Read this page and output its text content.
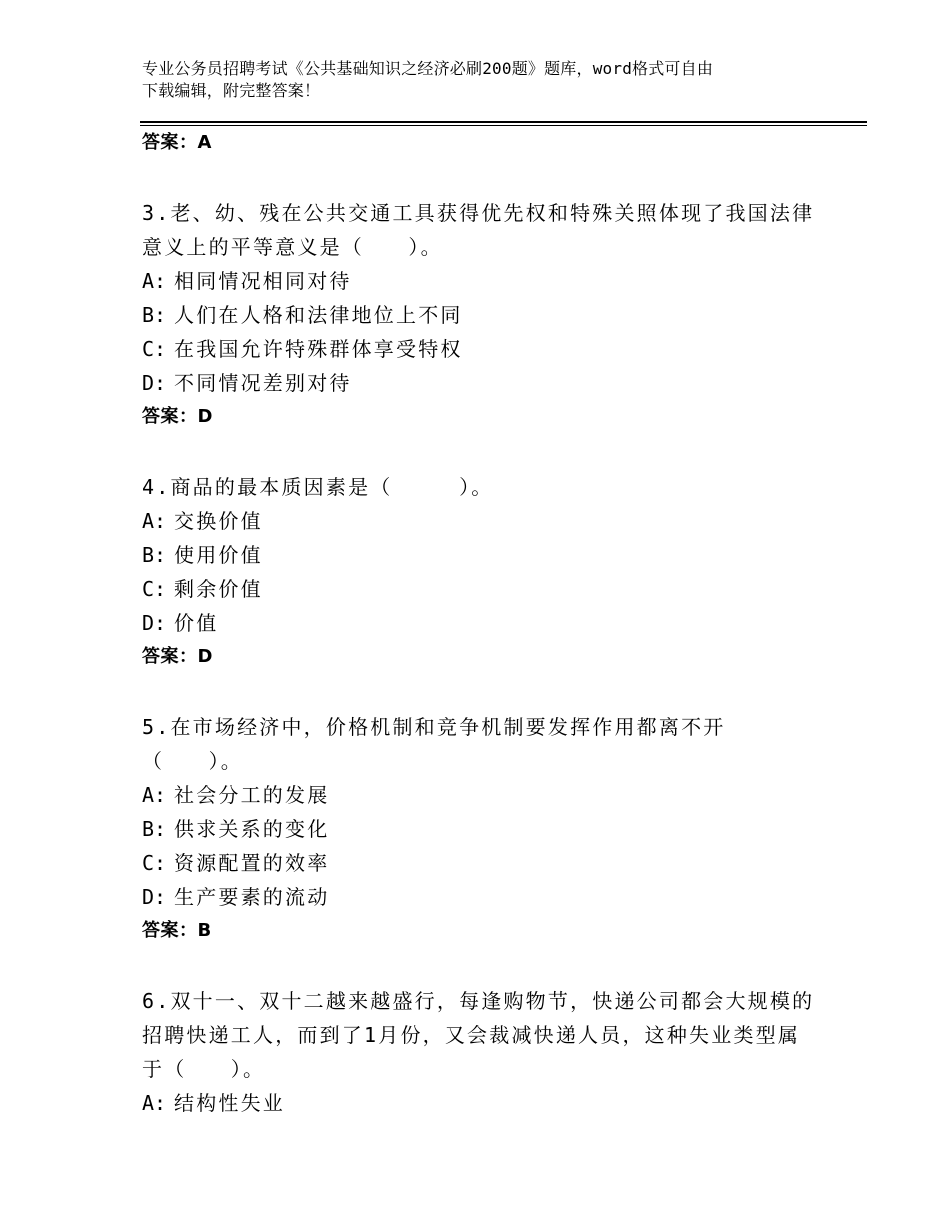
专业公务员招聘考试《公共基础知识之经济必刷200题》题库，word格式可自由
下载编辑，附完整答案！
答案：A
3.老、幼、残在公共交通工具获得优先权和特殊关照体现了我国法律
意义上的平等意义是（　　）。
A: 相同情况相同对待
B: 人们在人格和法律地位上不同
C: 在我国允许特殊群体享受特权
D: 不同情况差别对待
答案：D
4.商品的最本质因素是（　　　）。
A: 交换价值
B: 使用价值
C: 剩余价值
D: 价值
答案：D
5.在市场经济中，价格机制和竞争机制要发挥作用都离不开
（　　）。
A: 社会分工的发展
B: 供求关系的变化
C: 资源配置的效率
D: 生产要素的流动
答案：B
6.双十一、双十二越来越盛行，每逢购物节，快递公司都会大规模的
招聘快递工人，而到了1月份，又会裁减快递人员，这种失业类型属
于（　　）。
A: 结构性失业
